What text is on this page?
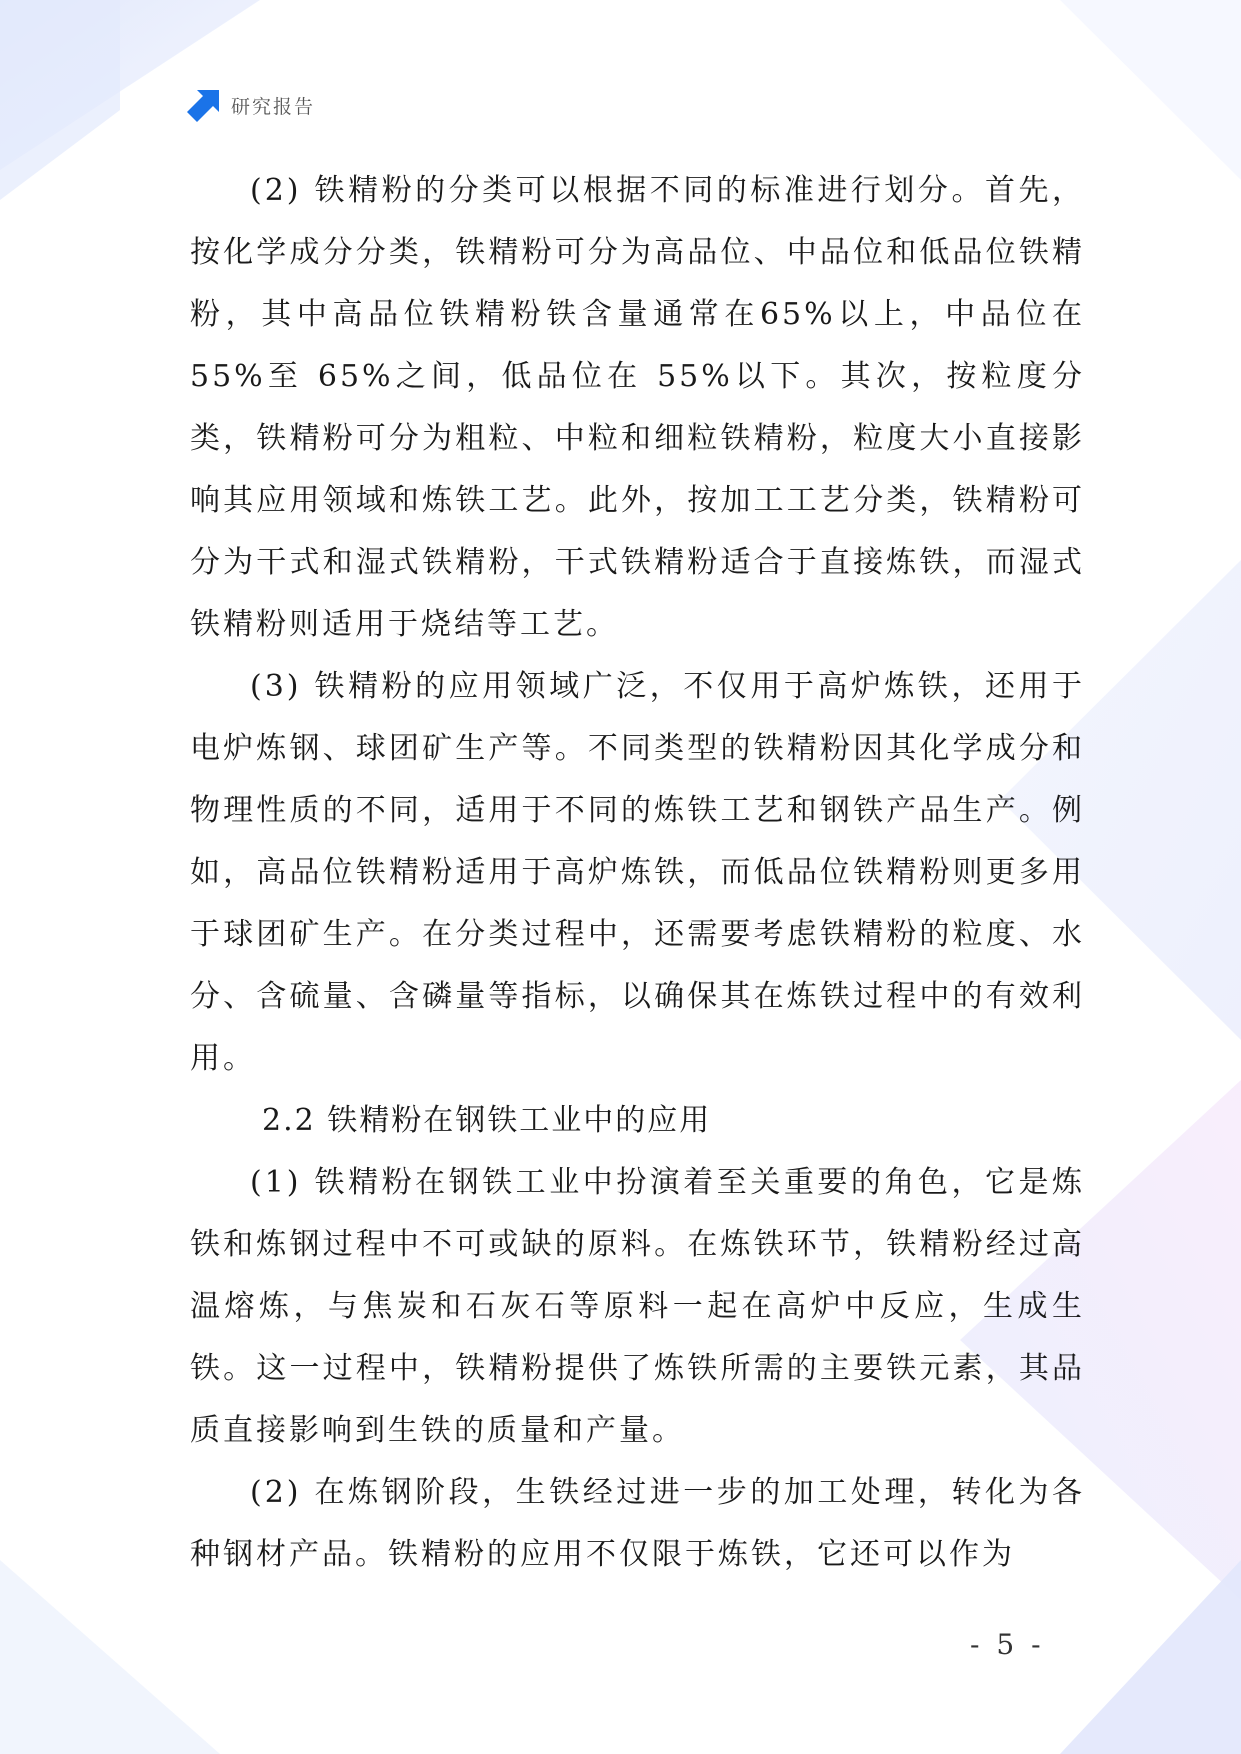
研究报告

(2) 铁精粉的分类可以根据不同的标准进行划分。首先，按化学成分分类，铁精粉可分为高品位、中品位和低品位铁精粉，其中高品位铁精粉铁含量通常在65%以上，中品位在55%至 65%之间，低品位在 55%以下。其次，按粒度分类，铁精粉可分为粗粒、中粒和细粒铁精粉，粒度大小直接影响其应用领域和炼铁工艺。此外，按加工工艺分类，铁精粉可分为干式和湿式铁精粉，干式铁精粉适合于直接炼铁，而湿式铁精粉则适用于烧结等工艺。

(3) 铁精粉的应用领域广泛，不仅用于高炉炼铁，还用于电炉炼钢、球团矿生产等。不同类型的铁精粉因其化学成分和物理性质的不同，适用于不同的炼铁工艺和钢铁产品生产。例如，高品位铁精粉适用于高炉炼铁，而低品位铁精粉则更多用于球团矿生产。在分类过程中，还需要考虑铁精粉的粒度、水分、含硫量、含磷量等指标，以确保其在炼铁过程中的有效利用。

2.2 铁精粉在钢铁工业中的应用

(1) 铁精粉在钢铁工业中扮演着至关重要的角色，它是炼铁和炼钢过程中不可或缺的原料。在炼铁环节，铁精粉经过高温熔炼，与焦炭和石灰石等原料一起在高炉中反应，生成生铁。这一过程中，铁精粉提供了炼铁所需的主要铁元素，其品质直接影响到生铁的质量和产量。

(2) 在炼钢阶段，生铁经过进一步的加工处理，转化为各种钢材产品。铁精粉的应用不仅限于炼铁，它还可以作为

- 5 -
